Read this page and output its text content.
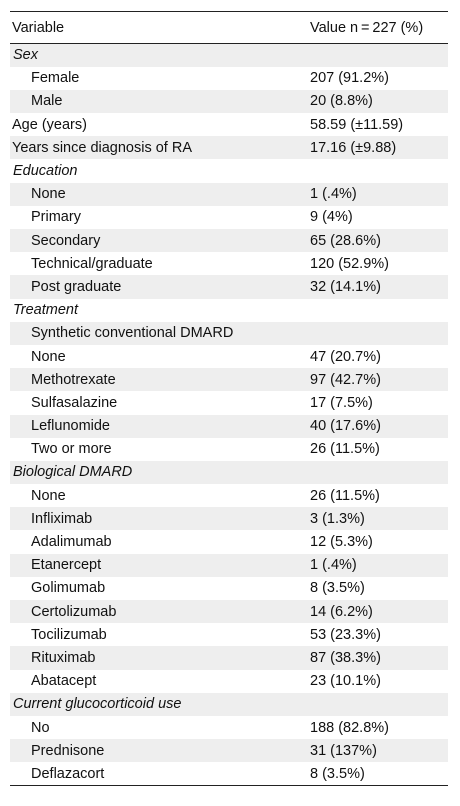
Variable	Value n = 227 (%)
Sex	
Female	207 (91.2%)
Male	20 (8.8%)
Age (years)	58.59 (±11.59)
Years since diagnosis of RA	17.16 (±9.88)
Education	
None	1 (.4%)
Primary	9 (4%)
Secondary	65 (28.6%)
Technical/graduate	120 (52.9%)
Post graduate	32 (14.1%)
Treatment	
Synthetic conventional DMARD	
None	47 (20.7%)
Methotrexate	97 (42.7%)
Sulfasalazine	17 (7.5%)
Leflunomide	40 (17.6%)
Two or more	26 (11.5%)
Biological DMARD	
None	26 (11.5%)
Infliximab	3 (1.3%)
Adalimumab	12 (5.3%)
Etanercept	1 (.4%)
Golimumab	8 (3.5%)
Certolizumab	14 (6.2%)
Tocilizumab	53 (23.3%)
Rituximab	87 (38.3%)
Abatacept	23 (10.1%)
Current glucocorticoid use	
No	188 (82.8%)
Prednisone	31 (137%)
Deflazacort	8 (3.5%)
